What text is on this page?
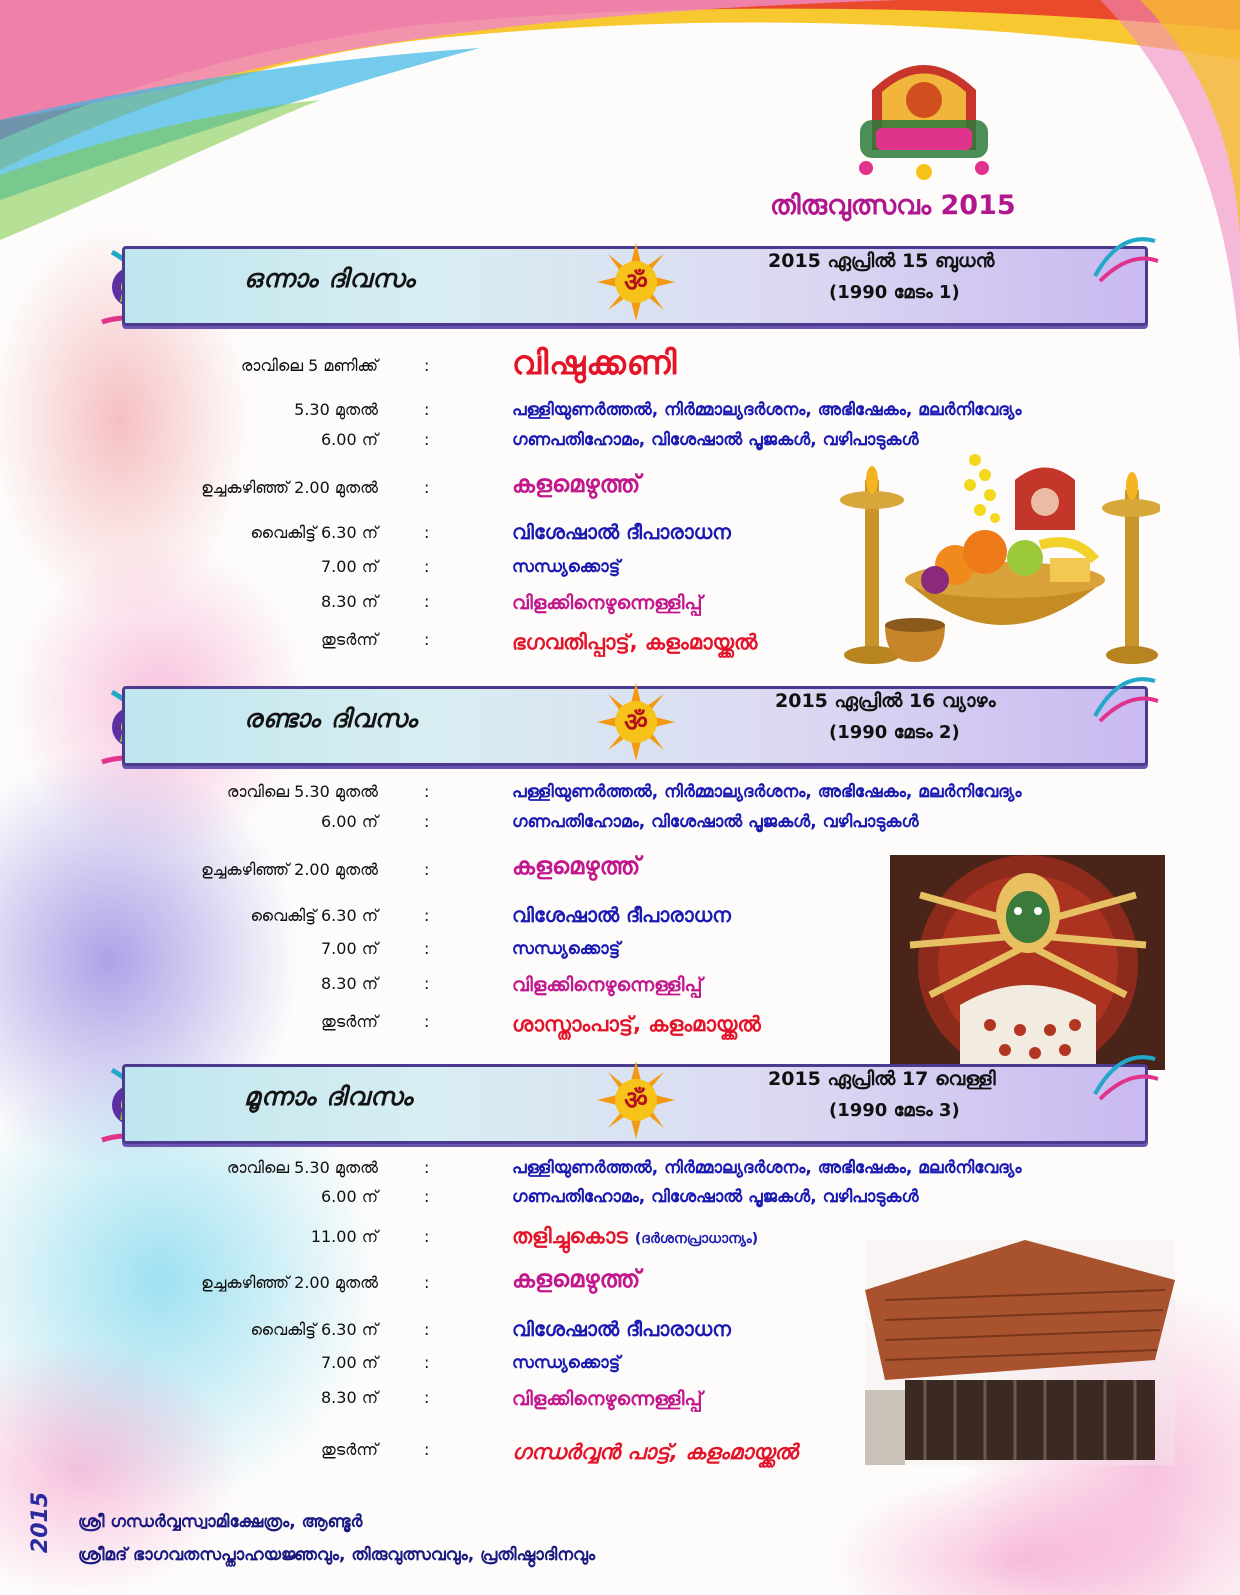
തിരുവുത്സവം 2015
ഒന്നാം ദിവസം	ॐ
2015 ഏപ്രിൽ 15 ബുധൻ
(1990 മേടം 1)
രാവിലെ 5 മണിക്ക്	:	വിഷുക്കണി
5.30 മുതൽ	:	പള്ളിയുണർത്തൽ, നിർമ്മാല്യദർശനം, അഭിഷേകം, മലർനിവേദ്യം
6.00 ന്	:	ഗണപതിഹോമം, വിശേഷാൽ പൂജകൾ, വഴിപാടുകൾ
ഉച്ചകഴിഞ്ഞ് 2.00 മുതൽ	:	കളമെഴുത്ത്
വൈകിട്ട് 6.30 ന്	:	വിശേഷാൽ ദീപാരാധന
7.00 ന്	:	സന്ധ്യക്കൊട്ട്
8.30 ന്	:	വിളക്കിനെഴുന്നെള്ളിപ്പ്
തുടർന്ന്	:	ഭഗവതിപ്പാട്ട്, കളംമായ്ക്കൽ
രണ്ടാം ദിവസം	ॐ
2015 ഏപ്രിൽ 16 വ്യാഴം
(1990 മേടം 2)
രാവിലെ 5.30 മുതൽ	:	പള്ളിയുണർത്തൽ, നിർമ്മാല്യദർശനം, അഭിഷേകം, മലർനിവേദ്യം
6.00 ന്	:	ഗണപതിഹോമം, വിശേഷാൽ പൂജകൾ, വഴിപാടുകൾ
ഉച്ചകഴിഞ്ഞ് 2.00 മുതൽ	:	കളമെഴുത്ത്
വൈകിട്ട് 6.30 ന്	:	വിശേഷാൽ ദീപാരാധന
7.00 ന്	:	സന്ധ്യക്കൊട്ട്
8.30 ന്	:	വിളക്കിനെഴുന്നെള്ളിപ്പ്
തുടർന്ന്	:	ശാസ്താംപാട്ട്, കളംമായ്ക്കൽ
മൂന്നാം ദിവസം	ॐ
2015 ഏപ്രിൽ 17 വെള്ളി
(1990 മേടം 3)
രാവിലെ 5.30 മുതൽ	:	പള്ളിയുണർത്തൽ, നിർമ്മാല്യദർശനം, അഭിഷേകം, മലർനിവേദ്യം
6.00 ന്	:	ഗണപതിഹോമം, വിശേഷാൽ പൂജകൾ, വഴിപാടുകൾ
11.00 ന്	:	തളിച്ചുകൊട (ദർശനപ്രാധാന്യം)
ഉച്ചകഴിഞ്ഞ് 2.00 മുതൽ	:	കളമെഴുത്ത്
വൈകിട്ട് 6.30 ന്	:	വിശേഷാൽ ദീപാരാധന
7.00 ന്	:	സന്ധ്യക്കൊട്ട്
8.30 ന്	:	വിളക്കിനെഴുന്നെള്ളിപ്പ്
തുടർന്ന്	:	ഗന്ധർവ്വൻ പാട്ട്, കളംമായ്ക്കൽ
2015 ശ്രീ ഗന്ധർവ്വസ്വാമിക്ഷേത്രം, ആണ്ടൂർ
ശ്രീമദ് ഭാഗവതസപ്താഹയജ്ഞവും, തിരുവുത്സവവും, പ്രതിഷ്ഠാദിനവും
